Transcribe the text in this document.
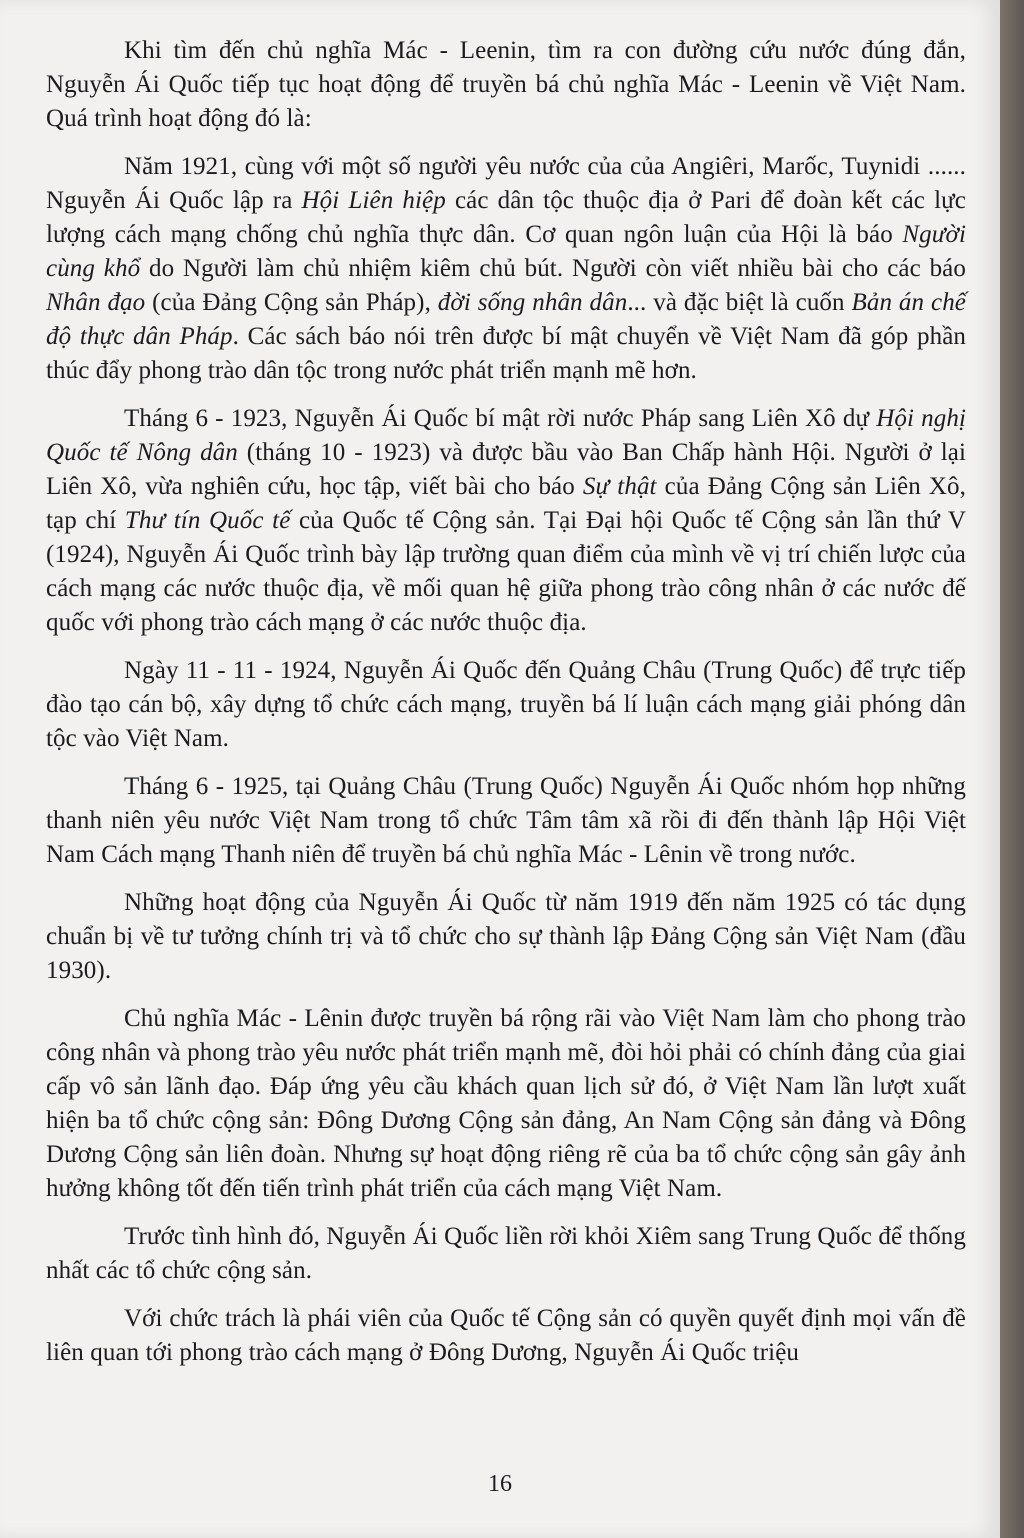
Khi tìm đến chủ nghĩa Mác - Leenin, tìm ra con đường cứu nước đúng đắn, Nguyễn Ái Quốc tiếp tục hoạt động để truyền bá chủ nghĩa Mác - Leenin về Việt Nam. Quá trình hoạt động đó là:

Năm 1921, cùng với một số người yêu nước của của Angiêri, Marốc, Tuynidi ...... Nguyễn Ái Quốc lập ra Hội Liên hiệp các dân tộc thuộc địa ở Pari để đoàn kết các lực lượng cách mạng chống chủ nghĩa thực dân. Cơ quan ngôn luận của Hội là báo Người cùng khổ do Người làm chủ nhiệm kiêm chủ bút. Người còn viết nhiều bài cho các báo Nhân đạo (của Đảng Cộng sản Pháp), đời sống nhân dân... và đặc biệt là cuốn Bản án chế độ thực dân Pháp. Các sách báo nói trên được bí mật chuyển về Việt Nam đã góp phần thúc đẩy phong trào dân tộc trong nước phát triển mạnh mẽ hơn.

Tháng 6 - 1923, Nguyễn Ái Quốc bí mật rời nước Pháp sang Liên Xô dự Hội nghị Quốc tế Nông dân (tháng 10 - 1923) và được bầu vào Ban Chấp hành Hội. Người ở lại Liên Xô, vừa nghiên cứu, học tập, viết bài cho báo Sự thật của Đảng Cộng sản Liên Xô, tạp chí Thư tín Quốc tế của Quốc tế Cộng sản. Tại Đại hội Quốc tế Cộng sản lần thứ V (1924), Nguyễn Ái Quốc trình bày lập trường quan điểm của mình về vị trí chiến lược của cách mạng các nước thuộc địa, về mối quan hệ giữa phong trào công nhân ở các nước đế quốc với phong trào cách mạng ở các nước thuộc địa.

Ngày 11 - 11 - 1924, Nguyễn Ái Quốc đến Quảng Châu (Trung Quốc) để trực tiếp đào tạo cán bộ, xây dựng tổ chức cách mạng, truyền bá lí luận cách mạng giải phóng dân tộc vào Việt Nam.

Tháng 6 - 1925, tại Quảng Châu (Trung Quốc) Nguyễn Ái Quốc nhóm họp những thanh niên yêu nước Việt Nam trong tổ chức Tâm tâm xã rồi đi đến thành lập Hội Việt Nam Cách mạng Thanh niên để truyền bá chủ nghĩa Mác - Lênin về trong nước.

Những hoạt động của Nguyễn Ái Quốc từ năm 1919 đến năm 1925 có tác dụng chuẩn bị về tư tưởng chính trị và tổ chức cho sự thành lập Đảng Cộng sản Việt Nam (đầu 1930).

Chủ nghĩa Mác - Lênin được truyền bá rộng rãi vào Việt Nam làm cho phong trào công nhân và phong trào yêu nước phát triển mạnh mẽ, đòi hỏi phải có chính đảng của giai cấp vô sản lãnh đạo. Đáp ứng yêu cầu khách quan lịch sử đó, ở Việt Nam lần lượt xuất hiện ba tổ chức cộng sản: Đông Dương Cộng sản đảng, An Nam Cộng sản đảng và Đông Dương Cộng sản liên đoàn. Nhưng sự hoạt động riêng rẽ của ba tổ chức cộng sản gây ảnh hưởng không tốt đến tiến trình phát triển của cách mạng Việt Nam.

Trước tình hình đó, Nguyễn Ái Quốc liền rời khỏi Xiêm sang Trung Quốc để thống nhất các tổ chức cộng sản.

Với chức trách là phái viên của Quốc tế Cộng sản có quyền quyết định mọi vấn đề liên quan tới phong trào cách mạng ở Đông Dương, Nguyễn Ái Quốc triệu

16
